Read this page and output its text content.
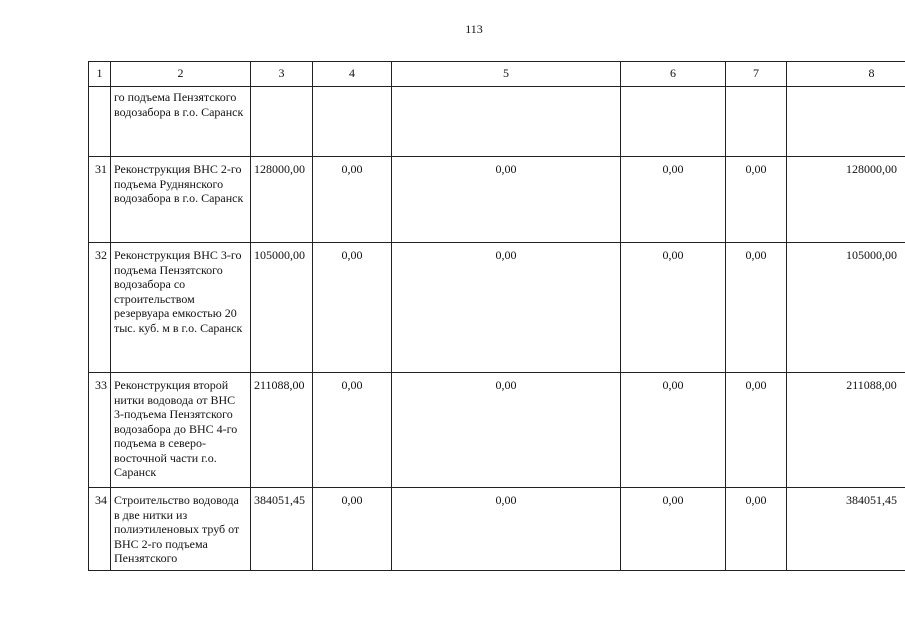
113
1	2	3	4	5	6	7	8
	го подъема Пензятского водозабора в г.о. Саранск						
31	Реконструкция ВНС 2-го подъема Руднянского водозабора в г.о. Саранск	128000,00	0,00	0,00	0,00	0,00	128000,00
32	Реконструкция ВНС 3-го подъема Пензятского водозабора со строительством резервуара емкостью 20 тыс. куб. м в г.о. Саранск	105000,00	0,00	0,00	0,00	0,00	105000,00
33	Реконструкция второй нитки водовода от ВНС 3-подъема Пензятского водозабора до ВНС 4-го подъема в северо-восточной части г.о. Саранск	211088,00	0,00	0,00	0,00	0,00	211088,00
34	Строительство водовода в две нитки из полиэтиленовых труб от ВНС 2-го подъема Пензятского	384051,45	0,00	0,00	0,00	0,00	384051,45
